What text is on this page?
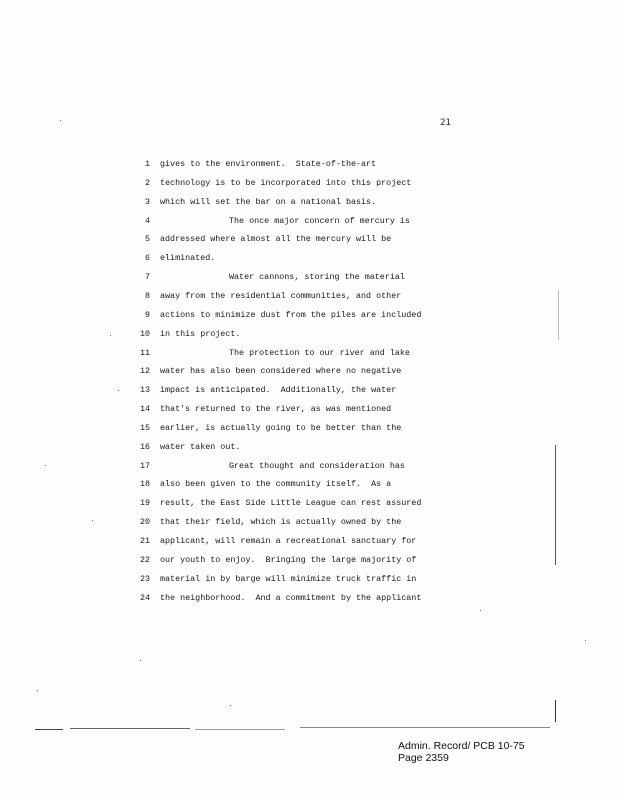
21
1 gives to the environment.  State-of-the-art
2 technology is to be incorporated into this project
3 which will set the bar on a national basis.
4	The once major concern of mercury is
5 addressed where almost all the mercury will be
6 eliminated.
7	Water cannons, storing the material
8 away from the residential communities, and other
9 actions to minimize dust from the piles are included
10 in this project.
11	The protection to our river and lake
12 water has also been considered where no negative
13 impact is anticipated.  Additionally, the water
14 that's returned to the river, as was mentioned
15 earlier, is actually going to be better than the
16 water taken out.
17	Great thought and consideration has
18 also been given to the community itself.  As a
19 result, the East Side Little League can rest assured
20 that their field, which is actually owned by the
21 applicant, will remain a recreational sanctuary for
22 our youth to enjoy.  Bringing the large majority of
23 material in by barge will minimize truck traffic in
24 the neighborhood.  And a commitment by the applicant
Admin. Record/ PCB 10-75
Page 2359
